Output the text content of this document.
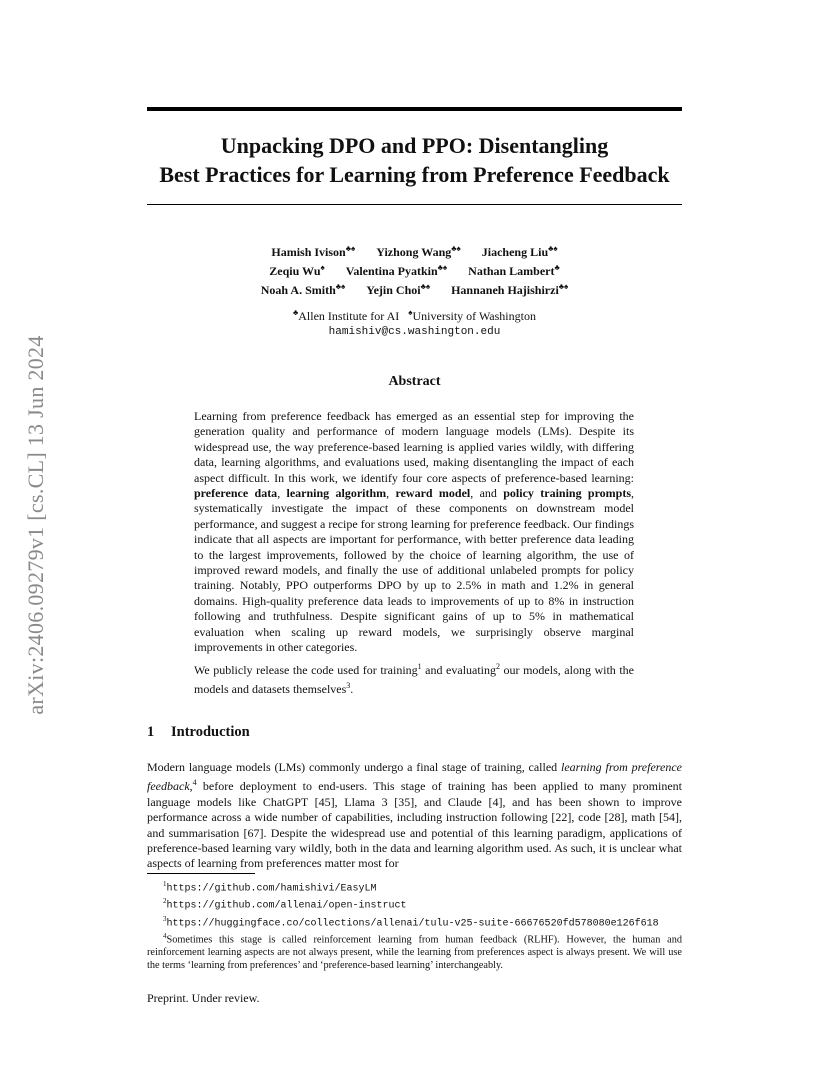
arXiv:2406.09279v1 [cs.CL] 13 Jun 2024
Unpacking DPO and PPO: Disentangling
Best Practices for Learning from Preference Feedback
Hamish Ivison♣♠ Yizhong Wang♣♠ Jiacheng Liu♣♠
Zeqiu Wu♠ Valentina Pyatkin♣♠ Nathan Lambert♣
Noah A. Smith♣♠ Yejin Choi♣♠ Hannaneh Hajishirzi♣♠
♣Allen Institute for AI ♠University of Washington
hamishiv@cs.washington.edu
Abstract

Learning from preference feedback has emerged as an essential step for improving the generation quality and performance of modern language models (LMs). Despite its widespread use, the way preference-based learning is applied varies wildly, with differing data, learning algorithms, and evaluations used, making disentangling the impact of each aspect difficult. In this work, we identify four core aspects of preference-based learning: preference data, learning algorithm, reward model, and policy training prompts, systematically investigate the impact of these components on downstream model performance, and suggest a recipe for strong learning for preference feedback. Our findings indicate that all aspects are important for performance, with better preference data leading to the largest improvements, followed by the choice of learning algorithm, the use of improved reward models, and finally the use of additional unlabeled prompts for policy training. Notably, PPO outperforms DPO by up to 2.5% in math and 1.2% in general domains. High-quality preference data leads to improvements of up to 8% in instruction following and truthfulness. Despite significant gains of up to 5% in mathematical evaluation when scaling up reward models, we surprisingly observe marginal improvements in other categories.

We publicly release the code used for training$^1$ and evaluating$^2$ our models, along with the models and datasets themselves$^3$.

1 Introduction
Modern language models (LMs) commonly undergo a final stage of training, called learning from preference feedback,$^4$ before deployment to end-users. This stage of training has been applied to many prominent language models like ChatGPT [45], Llama 3 [35], and Claude [4], and has been shown to improve performance across a wide number of capabilities, including instruction following [22], code [28], math [54], and summarisation [67]. Despite the widespread use and potential of this learning paradigm, applications of preference-based learning vary wildly, both in the data and learning algorithm used. As such, it is unclear what aspects of learning from preferences matter most for
$^1$https://github.com/hamishivi/EasyLM
$^2$https://github.com/allenai/open-instruct
$^3$https://huggingface.co/collections/allenai/tulu-v25-suite-66676520fd578080e126f618
$^4$Sometimes this stage is called reinforcement learning from human feedback (RLHF). However, the human and reinforcement learning aspects are not always present, while the learning from preferences aspect is always present. We will use the terms ‘learning from preferences’ and ‘preference-based learning’ interchangeably.
Preprint. Under review.
